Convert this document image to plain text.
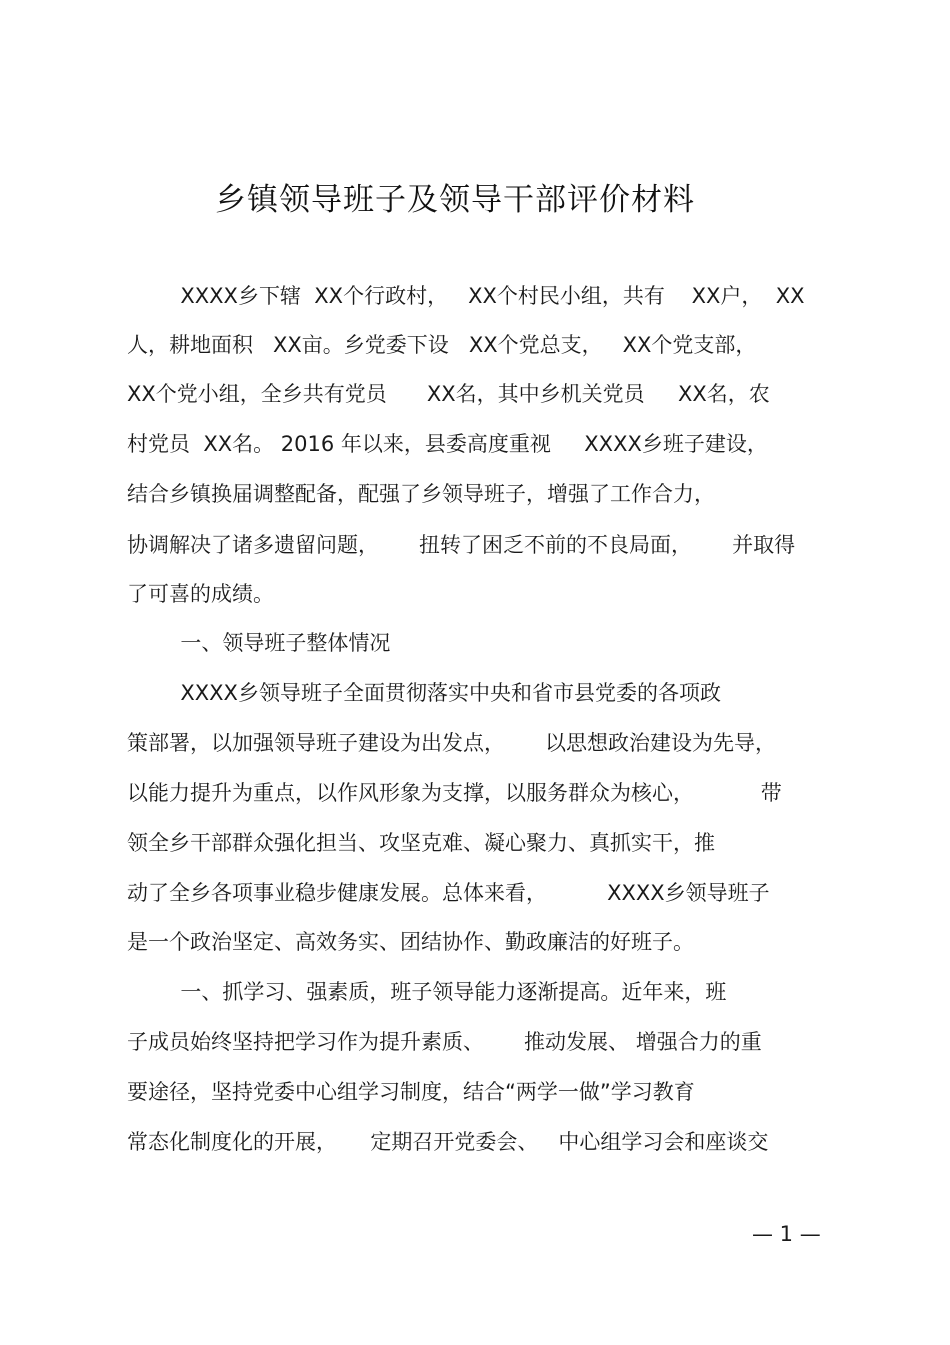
乡镇领导班子及领导干部评价材料
XXXX乡下辖  XX个行政村，   XX个村民小组，共有    XX户，  XX
人，耕地面积   XX亩。乡党委下设   XX个党总支，   XX个党支部，
XX个党小组，全乡共有党员      XX名，其中乡机关党员     XX名，农
村党员  XX名。 2016 年以来，县委高度重视     XXXX乡班子建设，
结合乡镇换届调整配备，配强了乡领导班子，增强了工作合力，
协调解决了诸多遗留问题，      扭转了困乏不前的不良局面，      并取得
了可喜的成绩。
一、领导班子整体情况
XXXX乡领导班子全面贯彻落实中央和省市县党委的各项政
策部署，以加强领导班子建设为出发点，      以思想政治建设为先导，
以能力提升为重点，以作风形象为支撑，以服务群众为核心，          带
领全乡干部群众强化担当、攻坚克难、凝心聚力、真抓实干，推
动了全乡各项事业稳步健康发展。总体来看，         XXXX乡领导班子
是一个政治坚定、高效务实、团结协作、勤政廉洁的好班子。
一、抓学习、强素质，班子领导能力逐渐提高。近年来，班
子成员始终坚持把学习作为提升素质、      推动发展、 增强合力的重
要途径，坚持党委中心组学习制度，结合“两学一做”学习教育
常态化制度化的开展，     定期召开党委会、   中心组学习会和座谈交
— 1 —
